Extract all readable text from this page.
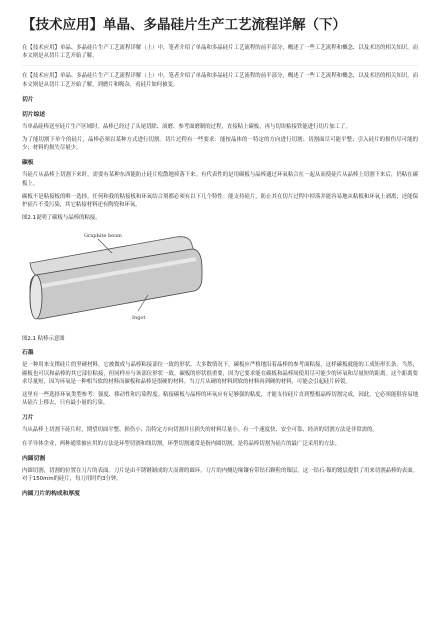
【技术应用】单晶、多晶硅片生产工艺流程详解（下）

在【技术应用】单晶、多晶硅片生产工艺流程详解（上）中，笔者介绍了单晶和多晶硅片工艺流程的前半部分，概述了一些工艺流程和概念，以及术语的相关知识。而本文则是从切片工艺开始了解。

在【技术应用】单晶、多晶硅片生产工艺流程详解（上）中，笔者介绍了单晶和多晶硅片工艺流程的前半部分，概述了一些工艺流程和概念，以及术语的相关知识。而本文则是从切片工艺开始了解，到磨片和吸杂，看硅片如何被变。

切片
切片综述

当单晶硅棒送至硅片生产区域时，晶棒已经过了头尾切除、滚磨、参考面磨制的过程，直接粘上碳板，再与切块粘接铁能进行切片加工了。

为了能切割下单个的硅片，晶棒必须以某种方式进行切割。切片过程有一些要求：能按晶体的一特定的方向进行切割；切割面尽可能平整；引入硅片的损伤尽可能的少；材料的损失尽量少。

碳板

当硅片从晶棒上切割下来时，需要有某种东西能防止硅片松散地掉落下来。有代表性的是用碳板与晶棒通过环氧粘合在一起从而使硅片从晶棒上切割下来后，仍粘在碳板上。

碳板不是粘接板的唯一选择，任何和我的粘接板和环氧结合剂都必须有以下几个特性：能支持硅片，防止其在切片过程中掉落并能容易地从粘板和环氧上剥离；还能保护硅片不受污染，其它粘接材料还有陶瓷和环氧。

图2.1说明了碳板与晶棒的粘接。

Graphite beam
Ingot
图2.1 粘棒示意图
石墨

是一种用来支撑硅片的坚硬材料，它被做成与晶棒粘接部位一致的形状。大多数情况下，碳板应严格地沿着晶棒的参考面粘接，这样碳板就能的工成矩形长条。当然，碳板也可以和晶棒的其它部位粘接，但同样应与该部位形状一致。碳板的形状很重要，因为它要求能在碳板和晶棒间使用尽可能少的环氧和尽量短的距离。这个距离要求尽量短，因为环氧是一种相当软的材料而碳板和晶棒是很硬的材料。当刀片从硬的材料到软的材料再到硬的材料，可能会引起硅片碎裂。

这里有一些选择环氧类型参考：强度、移动性和污染程度。粘接碳板与晶棒的环氧应有足够强的粘度，才能支持硅片直到整根晶棒切割完成，因此，它必须能很容易地从硅片上移去，只有最小量的污染。

刀片

当从晶棒上切割下硅片时，期望切面平整、损伤小、沿特定方向切割并且损失的材料尽量小。有一个速度快、安全可靠、经济的切割方法是非常需的。

在半导体企业，两种通常被应用的方法是环型切割和线切割。环型切割通常是指内圆切割，是将晶棒切割为硅片的最广泛采用的方法。

内圆切割

内圆切割，切割的位置在刀片的表面。刀片是由不锈钢制成的大而薄的圆环。刀片的内侧边缘镶有带钻石颗粒的镍层。这一钻石-镍的镀层提供了用来切割晶棒的表面。对于150mm的硅片，每刀用时约3分钟。

内圆刀片的构成和厚度
